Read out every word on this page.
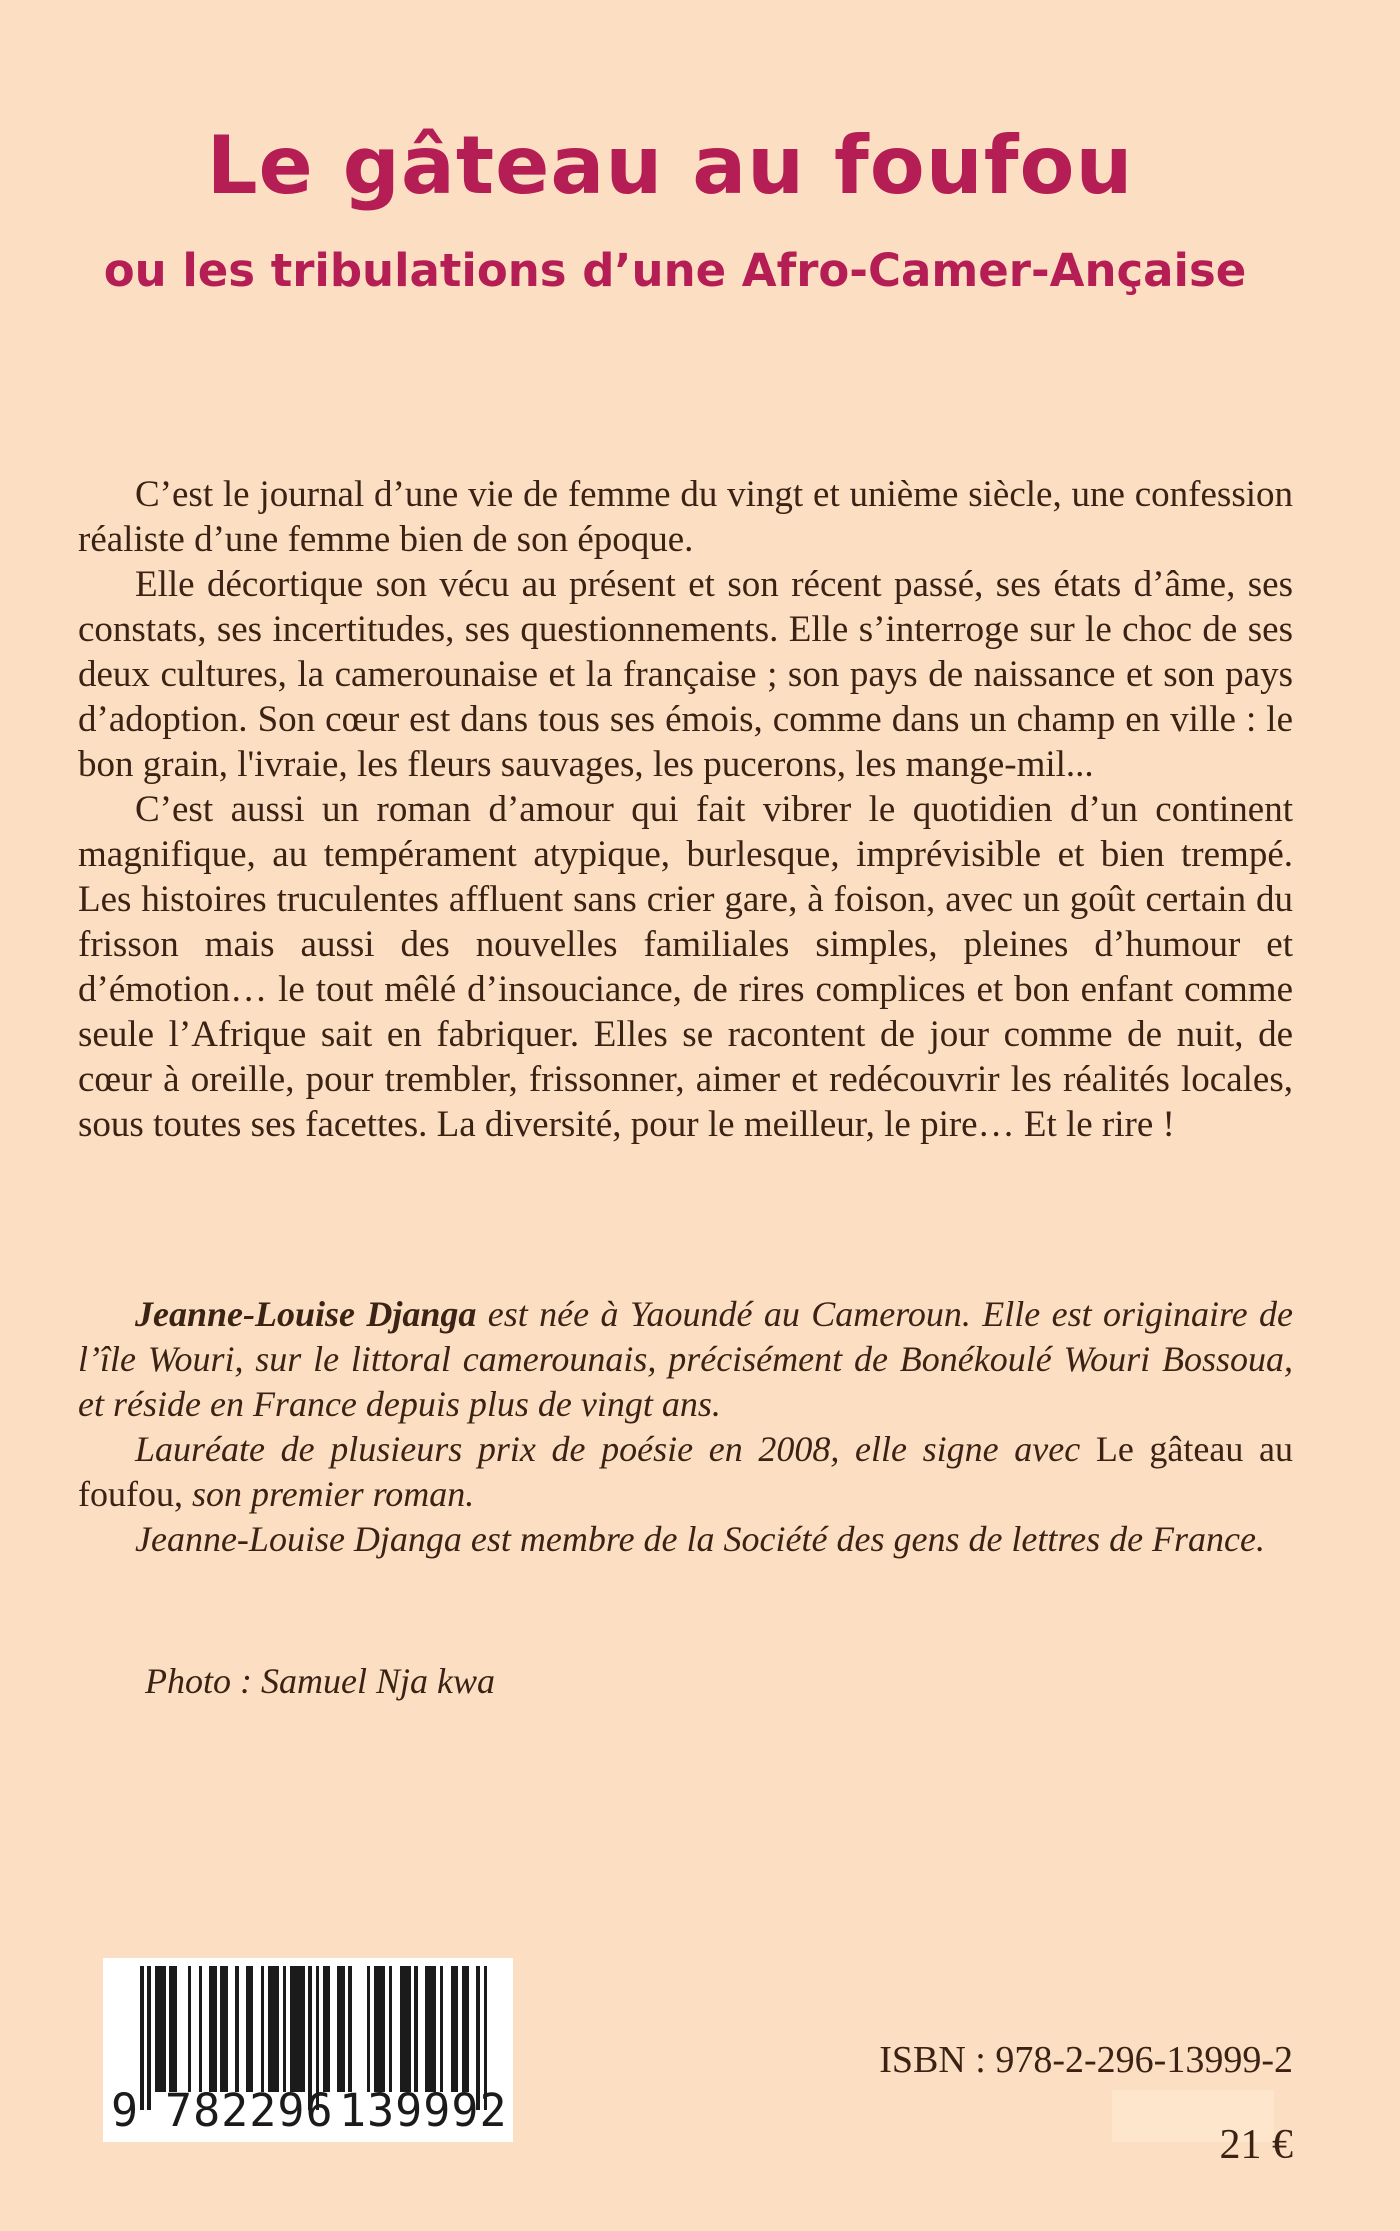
Le gâteau au foufou
ou les tribulations d’une Afro-Camer-Ançaise

C’est le journal d’une vie de femme du vingt et unième siècle, une confession réaliste d’une femme bien de son époque.

Elle décortique son vécu au présent et son récent passé, ses états d’âme, ses constats, ses incertitudes, ses questionnements. Elle s’interroge sur le choc de ses deux cultures, la camerounaise et la française ; son pays de naissance et son pays d’adoption. Son cœur est dans tous ses émois, comme dans un champ en ville : le bon grain, l'ivraie, les fleurs sauvages, les pucerons, les mange-mil...

C’est aussi un roman d’amour qui fait vibrer le quotidien d’un continent magnifique, au tempérament atypique, burlesque, imprévisible et bien trempé. Les histoires truculentes affluent sans crier gare, à foison, avec un goût certain du frisson mais aussi des nouvelles familiales simples, pleines d’humour et d’émotion… le tout mêlé d’insouciance, de rires complices et bon enfant comme seule l’Afrique sait en fabriquer. Elles se racontent de jour comme de nuit, de cœur à oreille, pour trembler, frissonner, aimer et redécouvrir les réalités locales, sous toutes ses facettes. La diversité, pour le meilleur, le pire… Et le rire !

Jeanne-Louise Djanga est née à Yaoundé au Cameroun. Elle est originaire de l’île Wouri, sur le littoral camerounais, précisément de Bonékoulé Wouri Bossoua, et réside en France depuis plus de vingt ans.

Lauréate de plusieurs prix de poésie en 2008, elle signe avec Le gâteau au foufou, son premier roman.

Jeanne-Louise Djanga est membre de la Société des gens de lettres de France.

Photo : Samuel Nja kwa
9 782296 139992
ISBN : 978-2-296-13999-2
21 €
